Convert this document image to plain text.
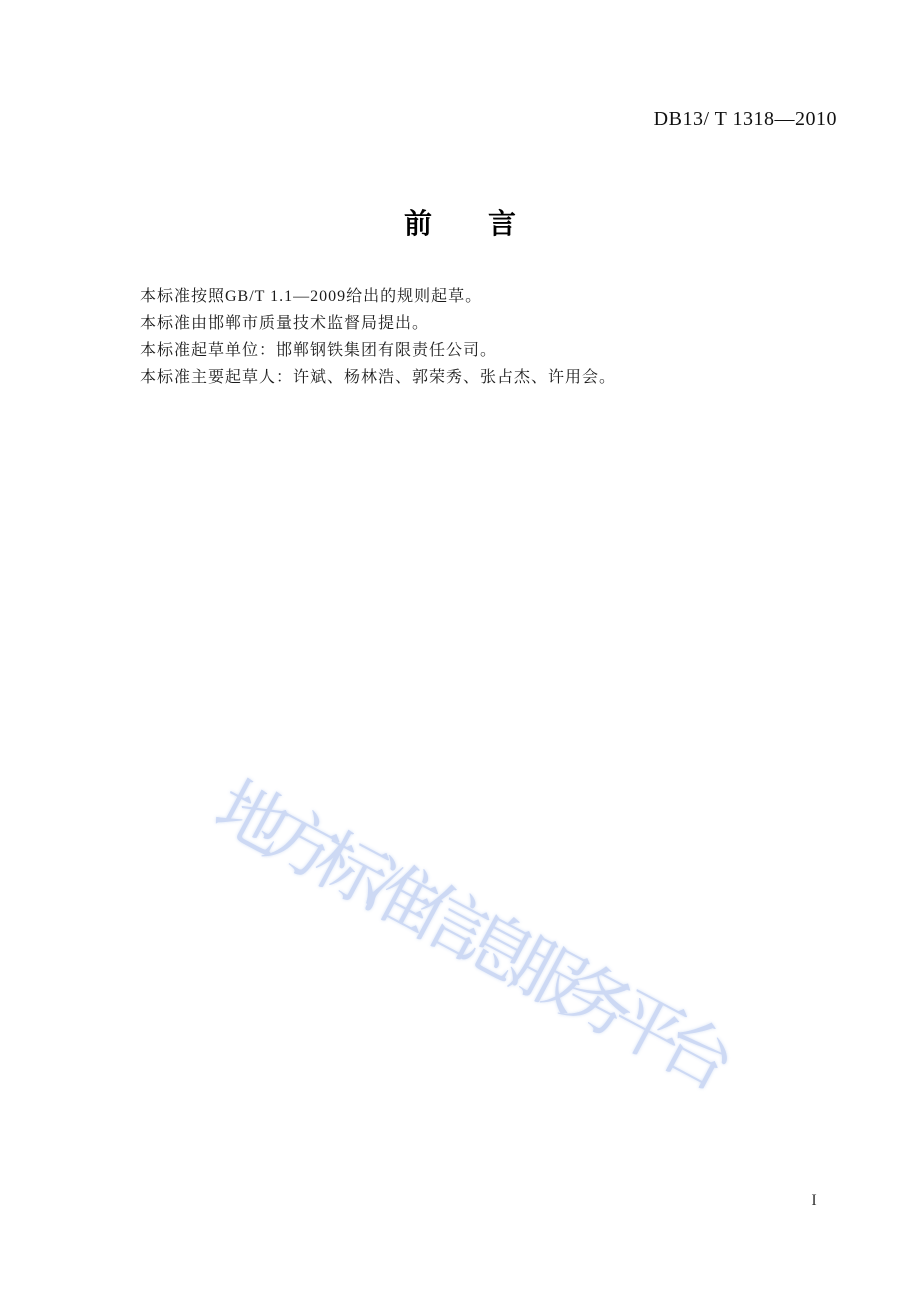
DB13/ T 1318—2010
前　　言

本标准按照GB/T 1.1—2009给出的规则起草。

本标准由邯郸市质量技术监督局提出。

本标准起草单位：邯郸钢铁集团有限责任公司。

本标准主要起草人：许斌、杨林浩、郭荣秀、张占杰、许用会。

地方标准信息服务平台
I
